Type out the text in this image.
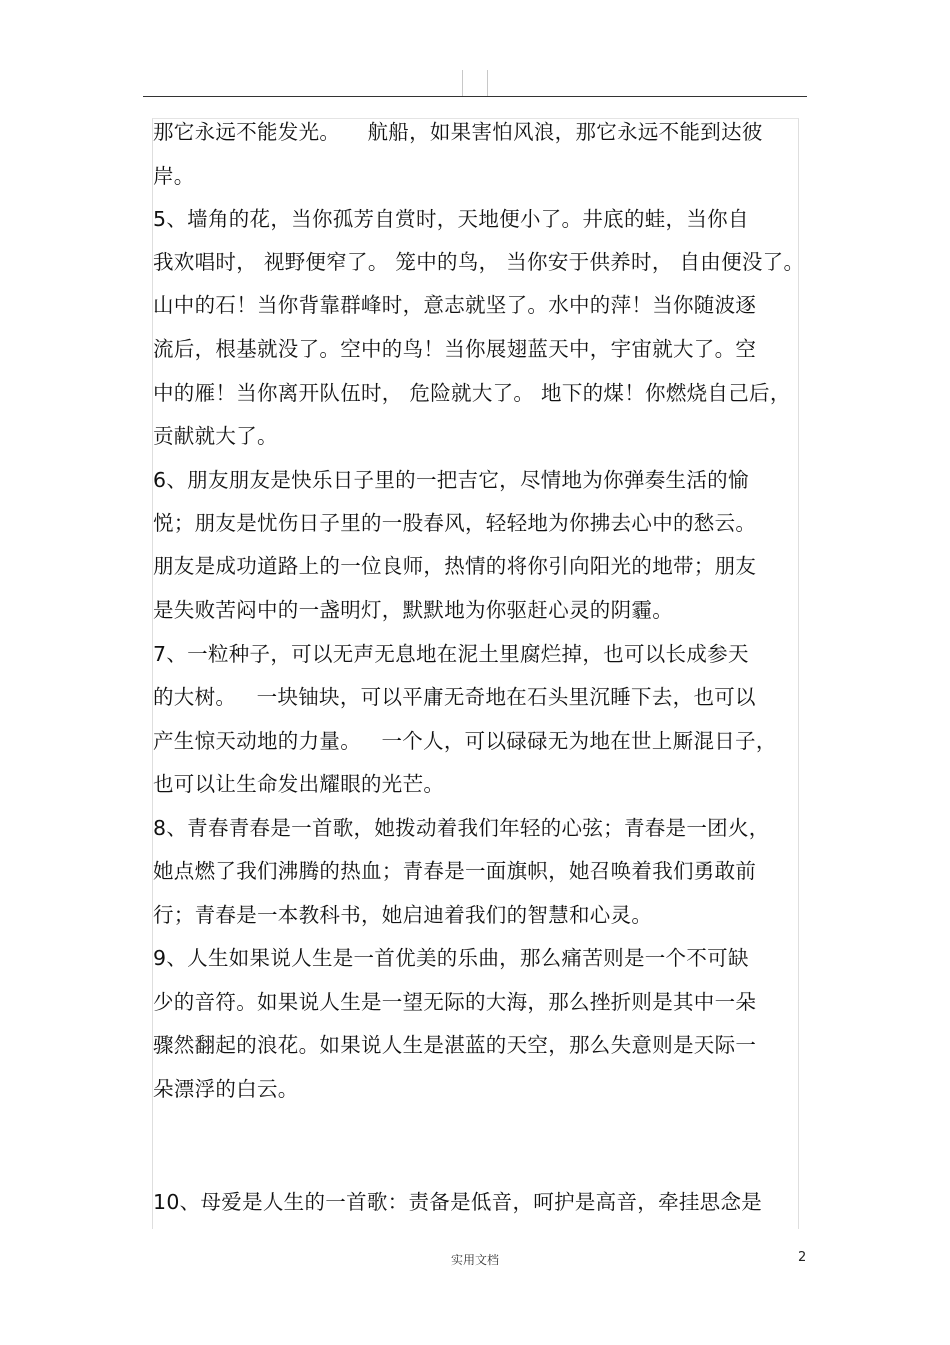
那它永远不能发光。    航船，如果害怕风浪，那它永远不能到达彼
岸。
5、墙角的花，当你孤芳自赏时，天地便小了。井底的蛙，当你自
我欢唱时， 视野便窄了。 笼中的鸟， 当你安于供养时， 自由便没了。
山中的石！当你背靠群峰时，意志就坚了。水中的萍！当你随波逐
流后，根基就没了。空中的鸟！当你展翅蓝天中，宇宙就大了。空
中的雁！当你离开队伍时， 危险就大了。 地下的煤！你燃烧自己后，
贡献就大了。
6、朋友朋友是快乐日子里的一把吉它，尽情地为你弹奏生活的愉
悦；朋友是忧伤日子里的一股春风，轻轻地为你拂去心中的愁云。
朋友是成功道路上的一位良师，热情的将你引向阳光的地带；朋友
是失败苦闷中的一盏明灯，默默地为你驱赶心灵的阴霾。
7、一粒种子，可以无声无息地在泥土里腐烂掉，也可以长成参天
的大树。   一块铀块，可以平庸无奇地在石头里沉睡下去，也可以
产生惊天动地的力量。   一个人，可以碌碌无为地在世上厮混日子，
也可以让生命发出耀眼的光芒。
8、青春青春是一首歌，她拨动着我们年轻的心弦；青春是一团火，
她点燃了我们沸腾的热血；青春是一面旗帜，她召唤着我们勇敢前
行；青春是一本教科书，她启迪着我们的智慧和心灵。
9、人生如果说人生是一首优美的乐曲，那么痛苦则是一个不可缺
少的音符。如果说人生是一望无际的大海，那么挫折则是其中一朵
骤然翻起的浪花。如果说人生是湛蓝的天空，那么失意则是天际一
朵漂浮的白云。
10、母爱是人生的一首歌：责备是低音，呵护是高音，牵挂思念是
实用文档	2
